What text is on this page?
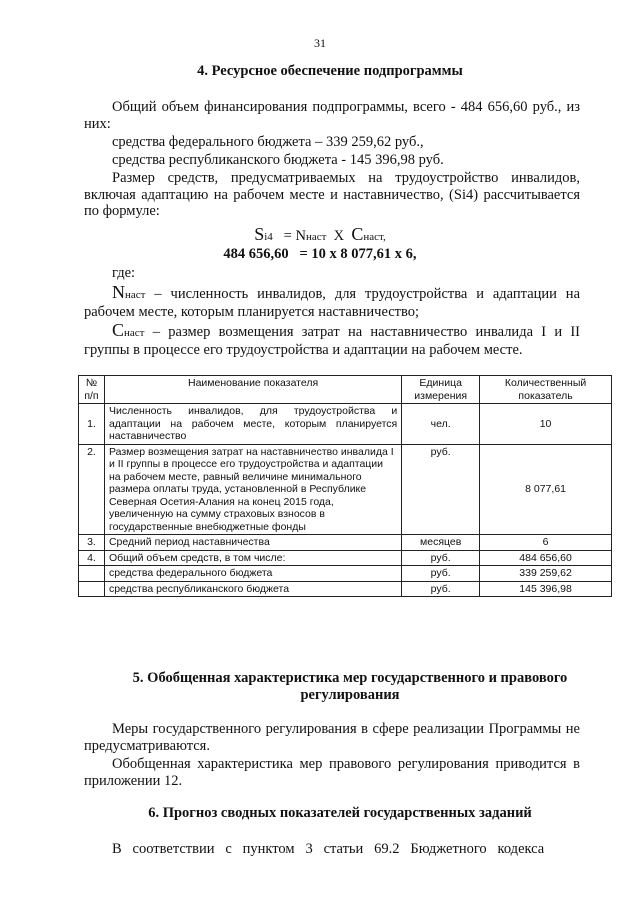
31
4. Ресурсное обеспечение подпрограммы
Общий объем финансирования подпрограммы, всего - 484 656,60 руб., из них:
средства федерального бюджета – 339 259,62 руб.,
средства республиканского бюджета - 145 396,98 руб.
Размер средств, предусматриваемых на трудоустройство инвалидов, включая адаптацию на рабочем месте и наставничество, (Si4) рассчитывается по формуле:
Si4 = Nнаст Х Снаст,
484 656,60   = 10 х 8 077,61 х 6,
где:
Nнаст – численность инвалидов, для трудоустройства и адаптации на рабочем месте, которым планируется наставничество;
Снаст – размер возмещения затрат на наставничество инвалида I и II группы в процессе его трудоустройства и адаптации на рабочем месте.
№ п/п	Наименование показателя	Единица измерения	Количественный показатель
1.	Численность инвалидов, для трудоустройства и адаптации на рабочем месте, которым планируется наставничество	чел.	10
2.	Размер возмещения затрат на наставничество инвалида I и II группы в процессе его трудоустройства и адаптации на рабочем месте, равный величине минимального размера оплаты труда, установленной в Республике Северная Осетия-Алания на конец 2015 года, увеличенную на сумму страховых взносов в государственные внебюджетные фонды	руб.	8 077,61
3.	Средний период наставничества	месяцев	6
4.	Общий объем средств, в том числе:	руб.	484 656,60
	средства федерального бюджета	руб.	339 259,62
	средства республиканского бюджета	руб.	145 396,98
5. Обобщенная характеристика мер государственного и правового регулирования
Меры государственного регулирования в сфере реализации Программы не предусматриваются.
Обобщенная характеристика мер правового регулирования приводится в приложении 12.
6. Прогноз сводных показателей государственных заданий
В   соответствии   с   пунктом   3   статьи   69.2   Бюджетного   кодекса
